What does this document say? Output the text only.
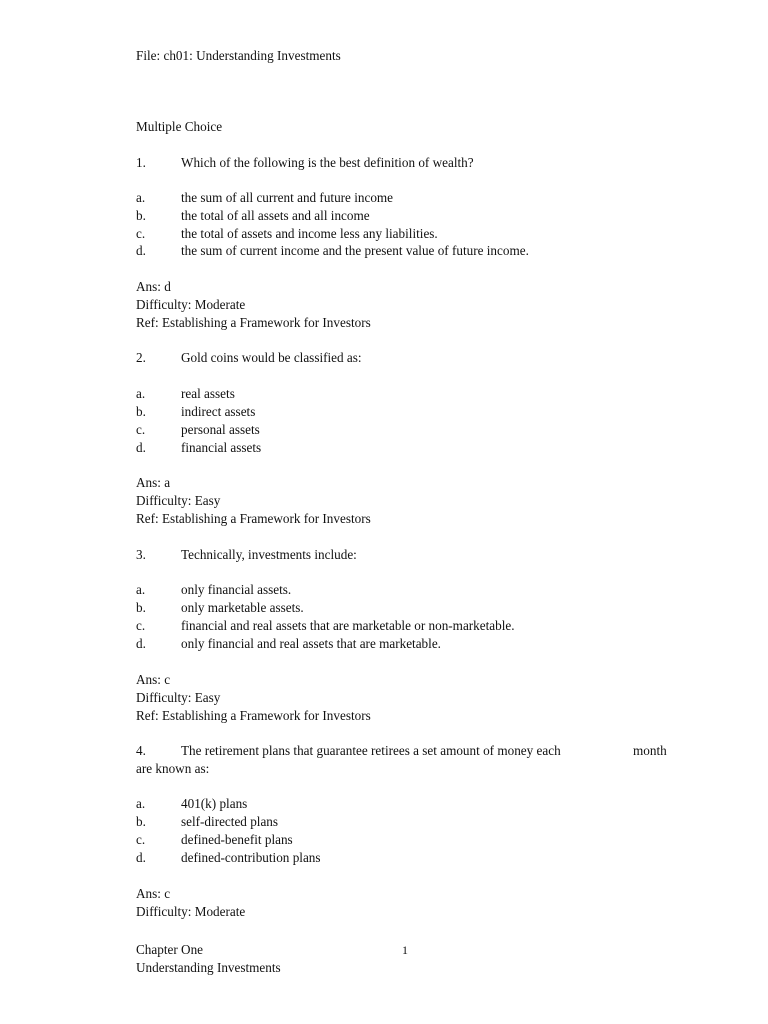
File: ch01: Understanding Investments
Multiple Choice
1.	Which of the following is the best definition of wealth?
a.	the sum of all current and future income
b.	the total of all assets and all income
c.	the total of assets and income less any liabilities.
d.	the sum of current income and the present value of future income.
Ans: d
Difficulty: Moderate
Ref: Establishing a Framework for Investors
2.	Gold coins would be classified as:
a.	real assets
b.	indirect assets
c.	personal assets
d.	financial assets
Ans: a
Difficulty: Easy
Ref: Establishing a Framework for Investors
3.	Technically, investments include:
a.	only financial assets.
b.	only marketable assets.
c.	financial and real assets that are marketable or non-marketable.
d.	only financial and real assets that are marketable.
Ans: c
Difficulty: Easy
Ref: Establishing a Framework for Investors
4.	The retirement plans that guarantee retirees a set amount of money each	month
are known as:
a.	401(k) plans
b.	self-directed plans
c.	defined-benefit plans
d.	defined-contribution plans
Ans: c
Difficulty: Moderate
Chapter One	1
Understanding Investments
